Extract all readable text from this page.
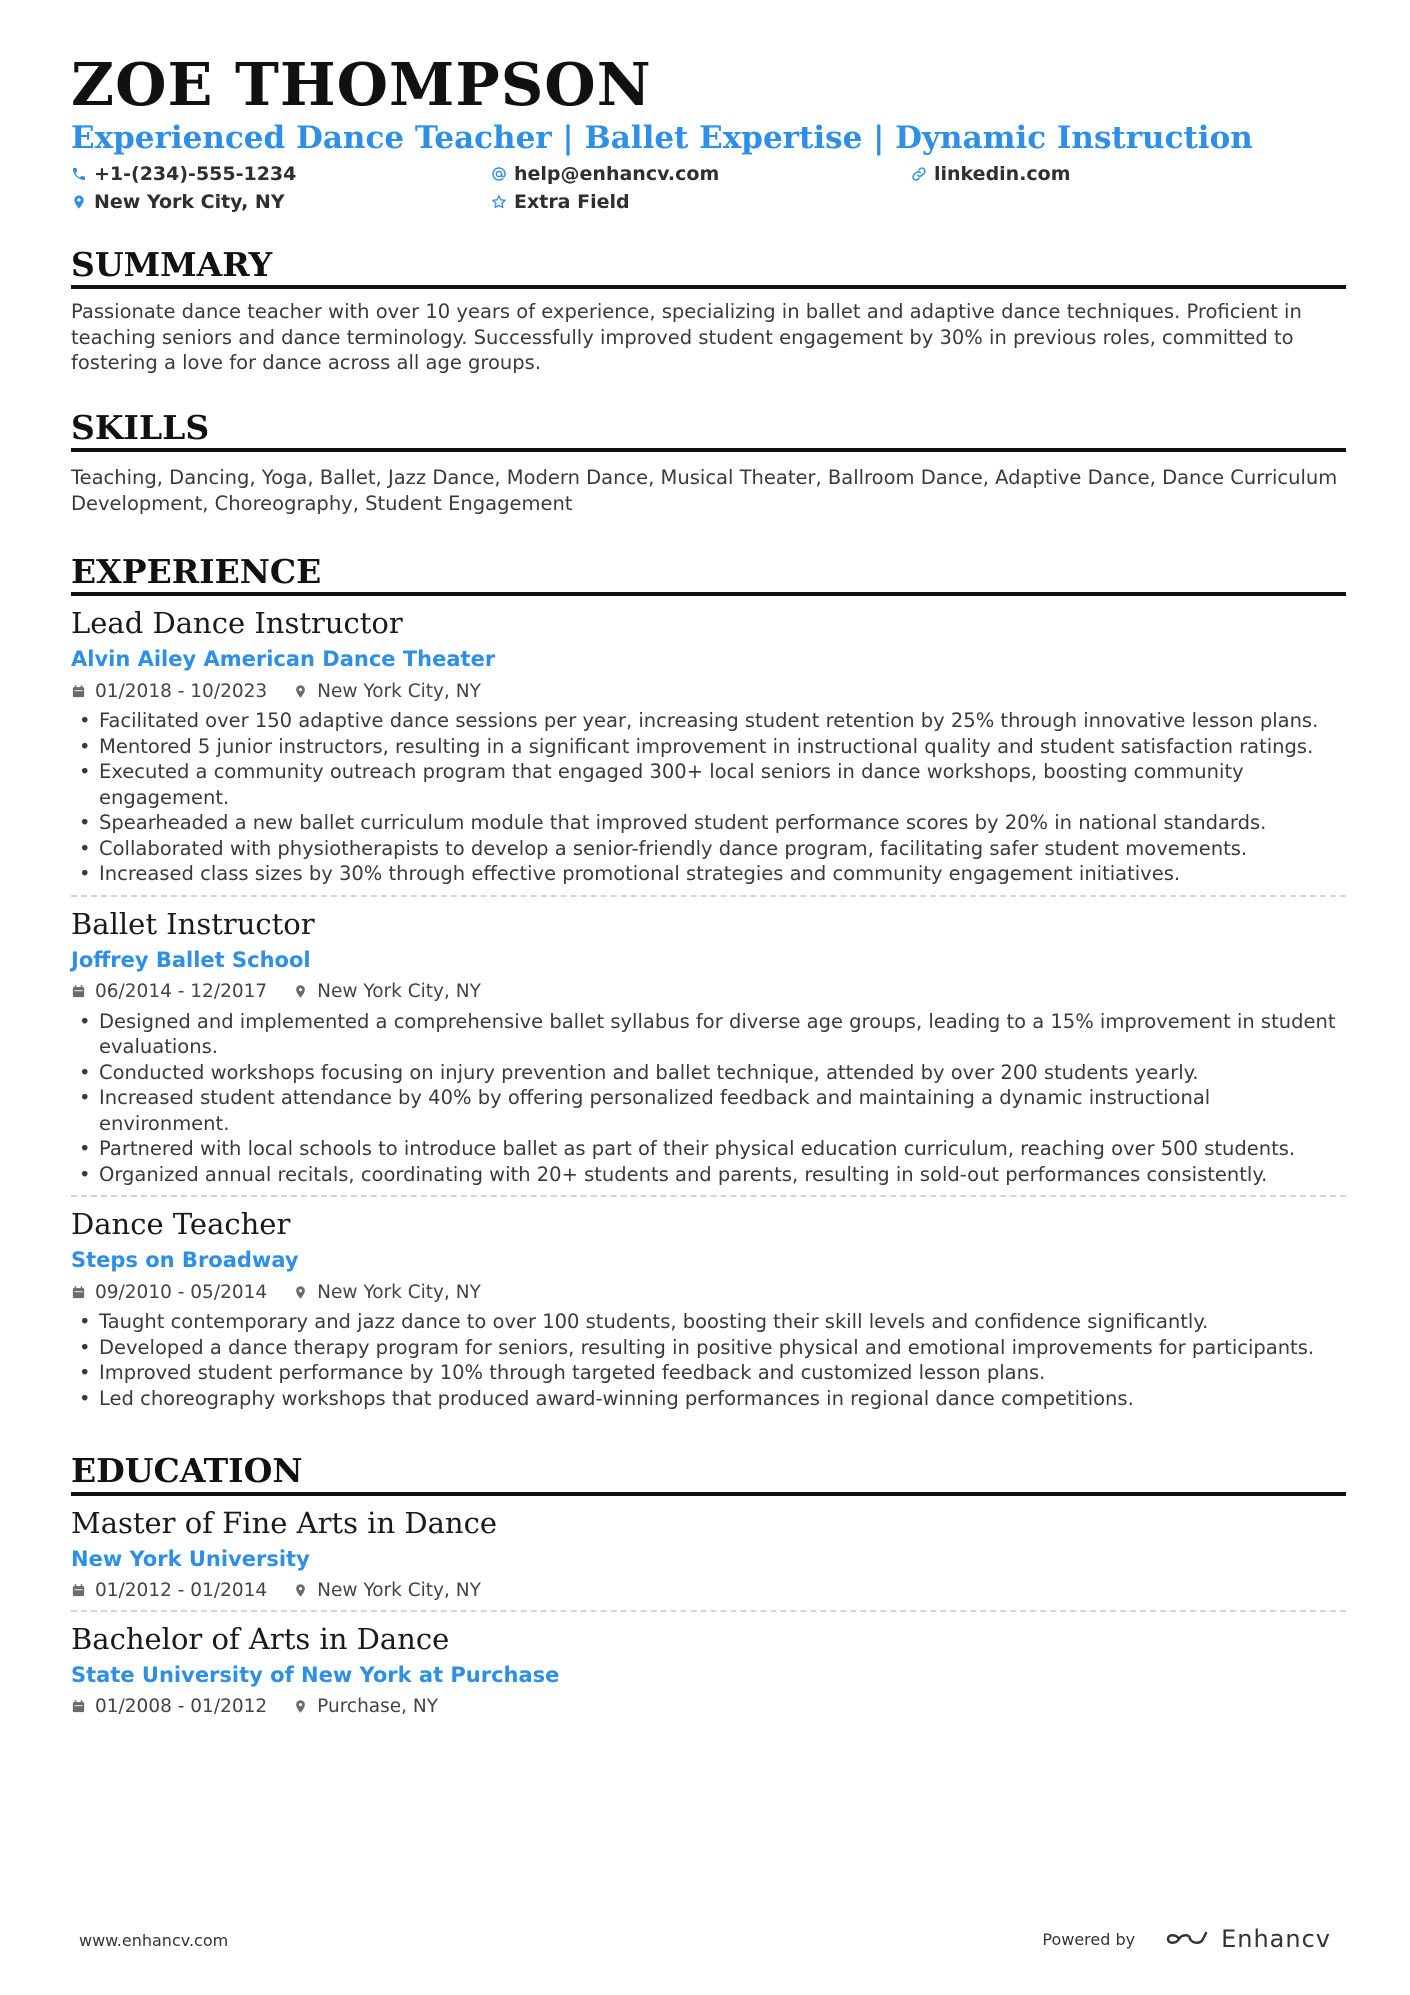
ZOE THOMPSON
Experienced Dance Teacher | Ballet Expertise | Dynamic Instruction
+1-(234)-555-1234	help@enhancv.com	linkedin.com
New York City, NY	Extra Field
SUMMARY
Passionate dance teacher with over 10 years of experience, specializing in ballet and adaptive dance techniques. Proficient in teaching seniors and dance terminology. Successfully improved student engagement by 30% in previous roles, committed to fostering a love for dance across all age groups.
SKILLS
Teaching, Dancing, Yoga, Ballet, Jazz Dance, Modern Dance, Musical Theater, Ballroom Dance, Adaptive Dance, Dance Curriculum Development, Choreography, Student Engagement
EXPERIENCE
Lead Dance Instructor
Alvin Ailey American Dance Theater
01/2018 - 10/2023	New York City, NY
• Facilitated over 150 adaptive dance sessions per year, increasing student retention by 25% through innovative lesson plans.
• Mentored 5 junior instructors, resulting in a significant improvement in instructional quality and student satisfaction ratings.
• Executed a community outreach program that engaged 300+ local seniors in dance workshops, boosting community engagement.
• Spearheaded a new ballet curriculum module that improved student performance scores by 20% in national standards.
• Collaborated with physiotherapists to develop a senior-friendly dance program, facilitating safer student movements.
• Increased class sizes by 30% through effective promotional strategies and community engagement initiatives.
Ballet Instructor
Joffrey Ballet School
06/2014 - 12/2017	New York City, NY
• Designed and implemented a comprehensive ballet syllabus for diverse age groups, leading to a 15% improvement in student evaluations.
• Conducted workshops focusing on injury prevention and ballet technique, attended by over 200 students yearly.
• Increased student attendance by 40% by offering personalized feedback and maintaining a dynamic instructional environment.
• Partnered with local schools to introduce ballet as part of their physical education curriculum, reaching over 500 students.
• Organized annual recitals, coordinating with 20+ students and parents, resulting in sold-out performances consistently.
Dance Teacher
Steps on Broadway
09/2010 - 05/2014	New York City, NY
• Taught contemporary and jazz dance to over 100 students, boosting their skill levels and confidence significantly.
• Developed a dance therapy program for seniors, resulting in positive physical and emotional improvements for participants.
• Improved student performance by 10% through targeted feedback and customized lesson plans.
• Led choreography workshops that produced award-winning performances in regional dance competitions.
EDUCATION
Master of Fine Arts in Dance
New York University
01/2012 - 01/2014	New York City, NY
Bachelor of Arts in Dance
State University of New York at Purchase
01/2008 - 01/2012	Purchase, NY
www.enhancv.com	Powered by	Enhancv
